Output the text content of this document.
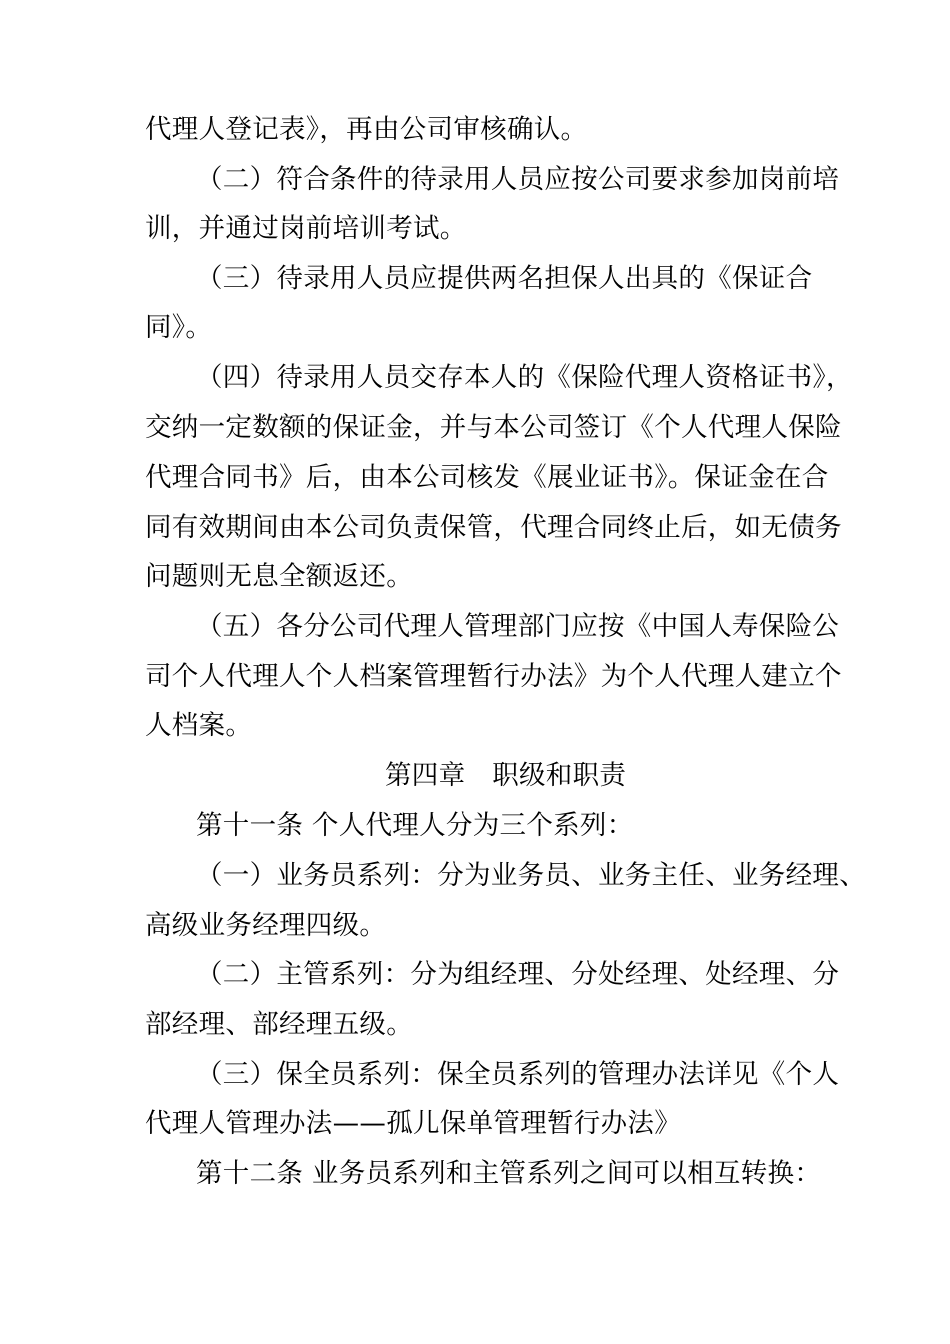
代理人登记表》，再由公司审核确认。
（二）符合条件的待录用人员应按公司要求参加岗前培
训，并通过岗前培训考试。
（三）待录用人员应提供两名担保人出具的《保证合
同》。
（四）待录用人员交存本人的《保险代理人资格证书》，
交纳一定数额的保证金，并与本公司签订《个人代理人保险
代理合同书》后，由本公司核发《展业证书》。保证金在合
同有效期间由本公司负责保管，代理合同终止后，如无债务
问题则无息全额返还。
（五）各分公司代理人管理部门应按《中国人寿保险公
司个人代理人个人档案管理暂行办法》为个人代理人建立个
人档案。
第四章　职级和职责
第十一条 个人代理人分为三个系列：
（一）业务员系列：分为业务员、业务主任、业务经理、
高级业务经理四级。
（二）主管系列：分为组经理、分处经理、处经理、分
部经理、部经理五级。
（三）保全员系列：保全员系列的管理办法详见《个人
代理人管理办法——孤儿保单管理暂行办法》
第十二条 业务员系列和主管系列之间可以相互转换：
